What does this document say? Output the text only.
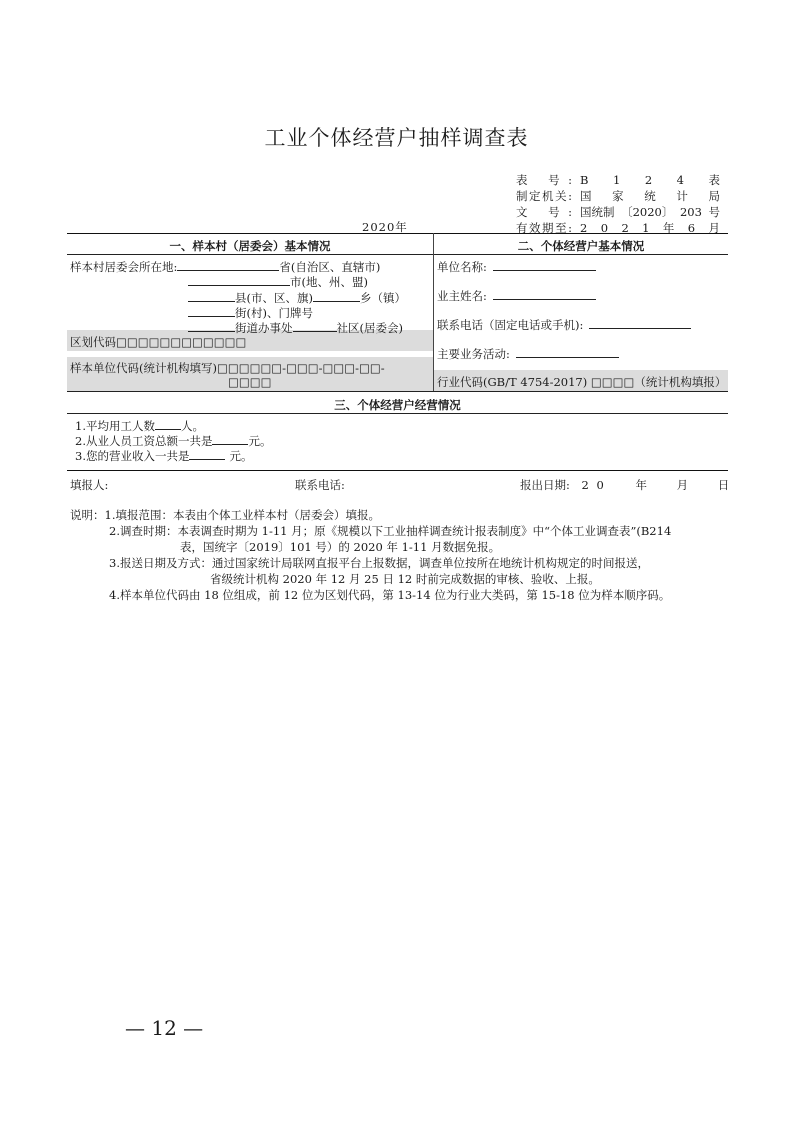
工业个体经营户抽样调查表
表 号: B 1 2 4 表
制定机关: 国 家 统 计 局
文 号: 国统制 〔2020〕 203 号
有效期至: 2 0 2 1 年 6 月
2020年
一、样本村（居委会）基本情况	二、个体经营户基本情况
样本村居委会所在地:	省(自治区、直辖市)
市(地、州、盟)
县(市、区、旗)	乡（镇）
街(村)、门牌号
街道办事处	社区(居委会)
区划代码□□□□□□□□□□□□
样本单位代码(统计机构填写)□□□□□□-□□□-□□□-□□-
□□□□
单位名称:
业主姓名:
联系电话（固定电话或手机):
主要业务活动:
行业代码(GB/T 4754-2017) □□□□（统计机构填报）
三、个体经营户经营情况
1.平均用工人数 人。
2.从业人员工资总额一共是	元。
3.您的营业收入一共是	元。
填报人:	联系电话:	报出日期: 2 0	年	月	日
说明：1.填报范围：本表由个体工业样本村（居委会）填报。
2.调查时期：本表调查时期为 1-11 月；原《规模以下工业抽样调查统计报表制度》中“个体工业调查表”(B214
表，国统字〔2019〕101 号）的 2020 年 1-11 月数据免报。
3.报送日期及方式：通过国家统计局联网直报平台上报数据，调查单位按所在地统计机构规定的时间报送，
省级统计机构 2020 年 12 月 25 日 12 时前完成数据的审核、验收、上报。
4.样本单位代码由 18 位组成，前 12 位为区划代码，第 13-14 位为行业大类码，第 15-18 位为样本顺序码。
— 12 —
